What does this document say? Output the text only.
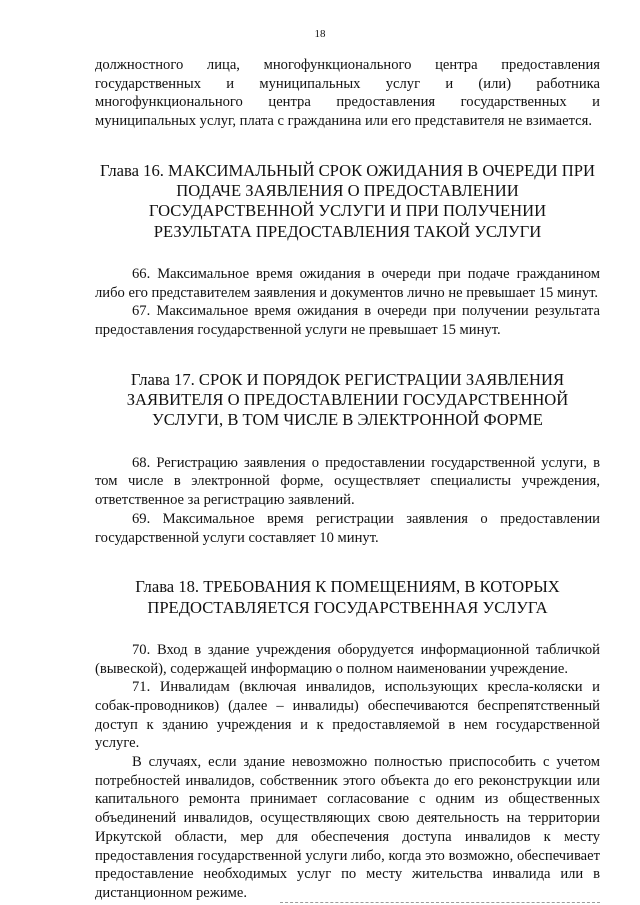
18

должностного лица, многофункционального центра предоставления государственных и муниципальных услуг и (или) работника многофункционального центра предоставления государственных и муниципальных услуг, плата с гражданина или его представителя не взимается.

Глава 16. МАКСИМАЛЬНЫЙ СРОК ОЖИДАНИЯ В ОЧЕРЕДИ ПРИ ПОДАЧЕ ЗАЯВЛЕНИЯ О ПРЕДОСТАВЛЕНИИ ГОСУДАРСТВЕННОЙ УСЛУГИ И ПРИ ПОЛУЧЕНИИ РЕЗУЛЬТАТА ПРЕДОСТАВЛЕНИЯ ТАКОЙ УСЛУГИ

66. Максимальное время ожидания в очереди при подаче гражданином либо его представителем заявления и документов лично не превышает 15 минут.

67. Максимальное время ожидания в очереди при получении результата предоставления государственной услуги не превышает 15 минут.

Глава 17. СРОК И ПОРЯДОК РЕГИСТРАЦИИ ЗАЯВЛЕНИЯ ЗАЯВИТЕЛЯ О ПРЕДОСТАВЛЕНИИ ГОСУДАРСТВЕННОЙ УСЛУГИ, В ТОМ ЧИСЛЕ В ЭЛЕКТРОННОЙ ФОРМЕ

68. Регистрацию заявления о предоставлении государственной услуги, в том числе в электронной форме, осуществляет специалисты учреждения, ответственное за регистрацию заявлений.

69. Максимальное время регистрации заявления о предоставлении государственной услуги составляет 10 минут.

Глава 18. ТРЕБОВАНИЯ К ПОМЕЩЕНИЯМ, В КОТОРЫХ ПРЕДОСТАВЛЯЕТСЯ ГОСУДАРСТВЕННАЯ УСЛУГА

70. Вход в здание учреждения оборудуется информационной табличкой (вывеской), содержащей информацию о полном наименовании учреждение.

71. Инвалидам (включая инвалидов, использующих кресла-коляски и собак-проводников) (далее – инвалиды) обеспечиваются беспрепятственный доступ к зданию учреждения и к предоставляемой в нем государственной услуге.

В случаях, если здание невозможно полностью приспособить с учетом потребностей инвалидов, собственник этого объекта до его реконструкции или капитального ремонта принимает согласование с одним из общественных объединений инвалидов, осуществляющих свою деятельность на территории Иркутской области, мер для обеспечения доступа инвалидов к месту предоставления государственной услуги либо, когда это возможно, обеспечивает предоставление необходимых услуг по месту жительства инвалида или в дистанционном режиме.
